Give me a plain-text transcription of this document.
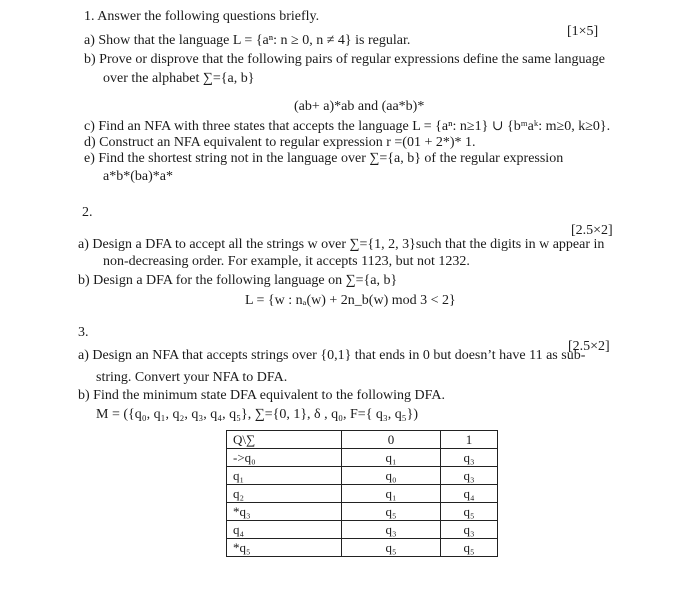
1. Answer the following questions briefly.
[1×5]
a) Show that the language L = {aⁿ: n ≥ 0, n ≠ 4} is regular.
b) Prove or disprove that the following pairs of regular expressions define the same language
over the alphabet ∑={a, b}
(ab+ a)*ab and (aa*b)*
c) Find an NFA with three states that accepts the language L = {aⁿ: n≥1} ∪ {bᵐaᵏ: m≥0, k≥0}.
d) Construct an NFA equivalent to regular expression r =(01 + 2*)* 1.
e) Find the shortest string not in the language over ∑={a, b} of the regular expression
a*b*(ba)*a*
2.
[2.5×2]
a) Design a DFA to accept all the strings w over ∑={1, 2, 3}such that the digits in w appear in
non-decreasing order. For example, it accepts 1123, but not 1232.
b) Design a DFA for the following language on ∑={a, b}
L = {w : nₐ(w) + 2n_b(w) mod 3 < 2}
3.
[2.5×2]
a) Design an NFA that accepts strings over {0,1} that ends in 0 but doesn’t have 11 as sub-
string. Convert your NFA to DFA.
b) Find the minimum state DFA equivalent to the following DFA.
M = ({q₀, q₁, q₂, q₃, q₄, q₅}, ∑={0, 1}, δ , q₀, F={ q₃, q₅})
Q\∑	0	1
->q₀	q₁	q₃
q₁	q₀	q₃
q₂	q₁	q₄
*q₃	q₅	q₅
q₄	q₃	q₃
*q₅	q₅	q₅
